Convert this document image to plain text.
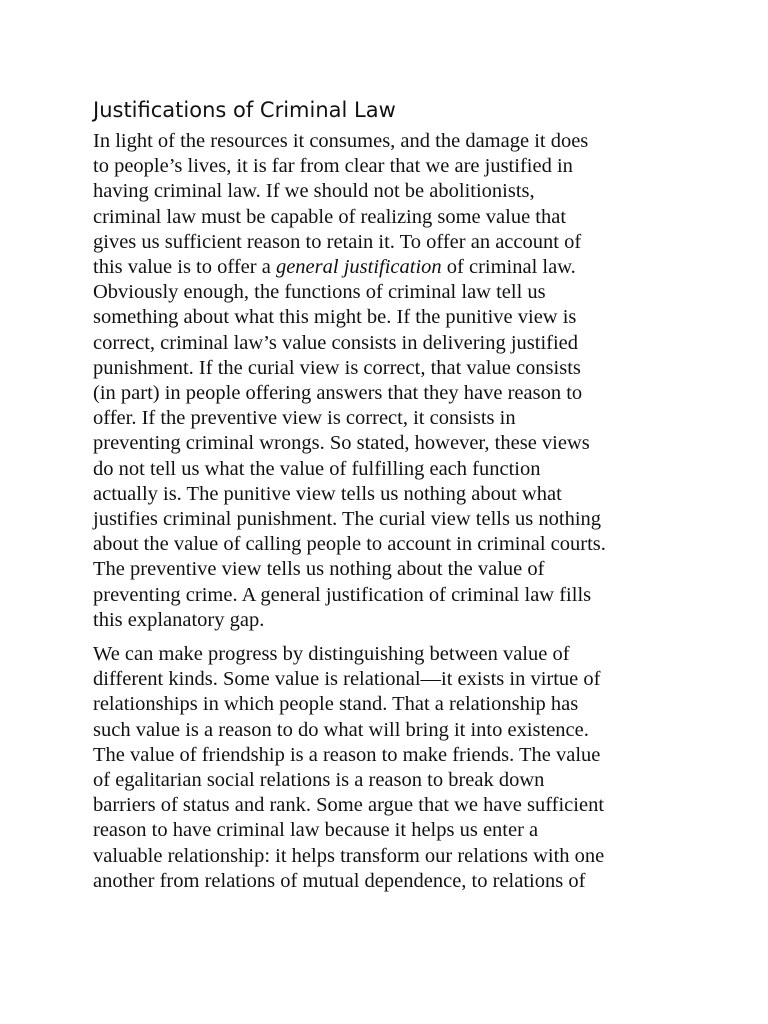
Justifications of Criminal Law

In light of the resources it consumes, and the damage it does
to people’s lives, it is far from clear that we are justified in
having criminal law. If we should not be abolitionists,
criminal law must be capable of realizing some value that
gives us sufficient reason to retain it. To offer an account of
this value is to offer a general justification of criminal law.
Obviously enough, the functions of criminal law tell us
something about what this might be. If the punitive view is
correct, criminal law’s value consists in delivering justified
punishment. If the curial view is correct, that value consists
(in part) in people offering answers that they have reason to
offer. If the preventive view is correct, it consists in
preventing criminal wrongs. So stated, however, these views
do not tell us what the value of fulfilling each function
actually is. The punitive view tells us nothing about what
justifies criminal punishment. The curial view tells us nothing
about the value of calling people to account in criminal courts.
The preventive view tells us nothing about the value of
preventing crime. A general justification of criminal law fills
this explanatory gap.

We can make progress by distinguishing between value of
different kinds. Some value is relational—it exists in virtue of
relationships in which people stand. That a relationship has
such value is a reason to do what will bring it into existence.
The value of friendship is a reason to make friends. The value
of egalitarian social relations is a reason to break down
barriers of status and rank. Some argue that we have sufficient
reason to have criminal law because it helps us enter a
valuable relationship: it helps transform our relations with one
another from relations of mutual dependence, to relations of
